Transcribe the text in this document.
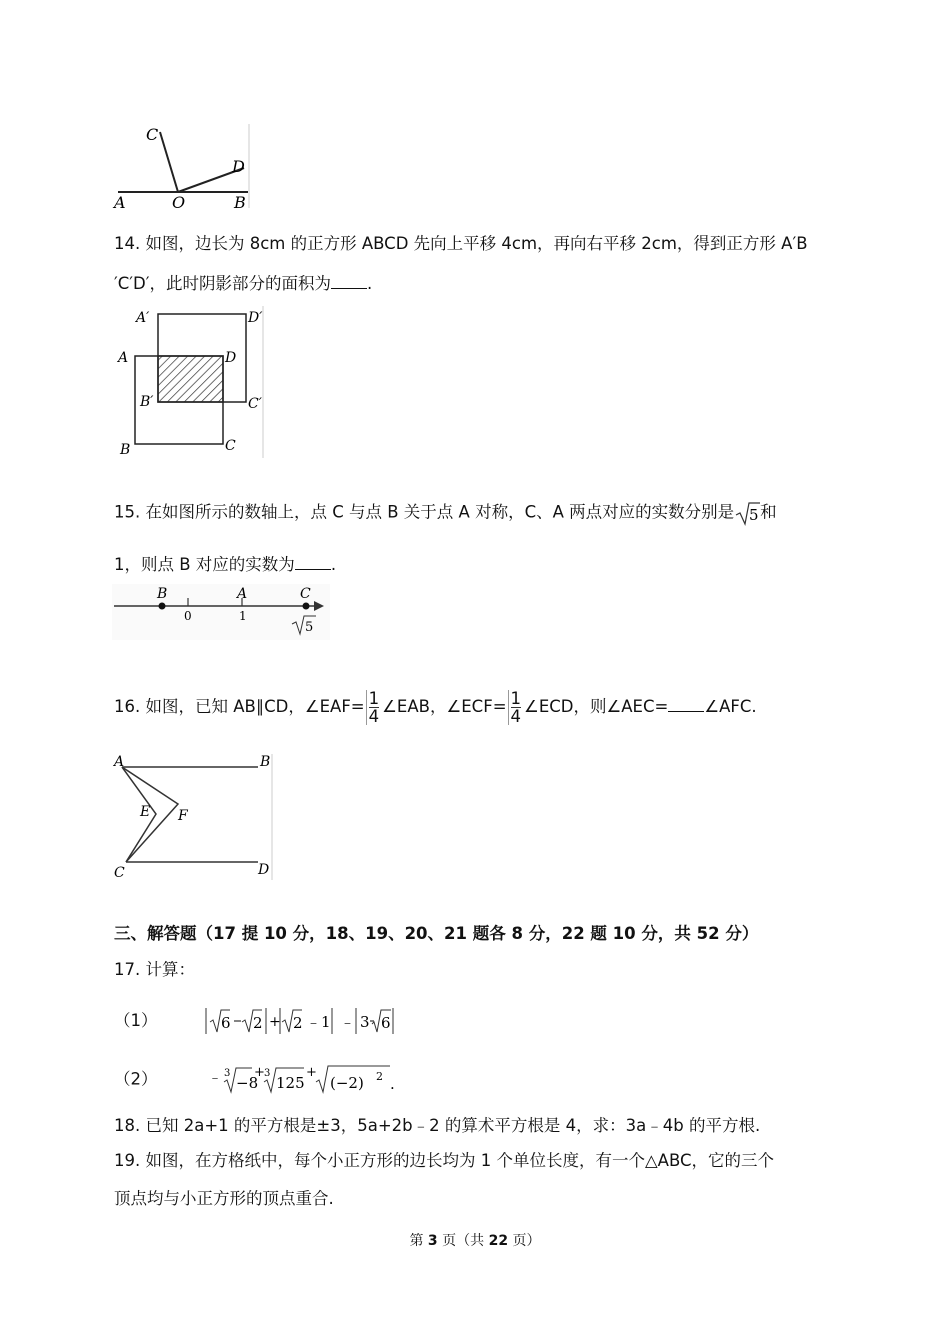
C
D
A	O	B
14. 如图，边长为 8cm 的正方形 ABCD 先向上平移 4cm，再向右平移 2cm，得到正方形 A′B
′C′D′，此时阴影部分的面积为 .
A′	D′
A	D
B′	C′
B	C
15. 在如图所示的数轴上，点 C 与点 B 关于点 A 对称，C、A 两点对应的实数分别是 5 和
1，则点 B 对应的实数为 .
B	A	C
0	1
5
16. 如图，已知 AB∥CD，∠EAF= $\frac{1}{4}$ ∠EAB，∠ECF= $\frac{1}{4}$ ∠ECD，则∠AEC= ∠AFC.
A	B
E F
C	D
三、解答题（17 提 10 分，18、19、20、21 题各 8 分，22 题 10 分，共 52 分）
17. 计算：
（1）	6 2 + 2 ﹣1 ﹣ 3 6
（2）	﹣ 3
−8
+ 3
125
+
(−2) 2 .
18. 已知 2a+1 的平方根是±3，5a+2b﹣2 的算术平方根是 4，求：3a﹣4b 的平方根.
19. 如图，在方格纸中，每个小正方形的边长均为 1 个单位长度，有一个△ABC，它的三个
顶点均与小正方形的顶点重合.
第 3 页（共 22 页）
